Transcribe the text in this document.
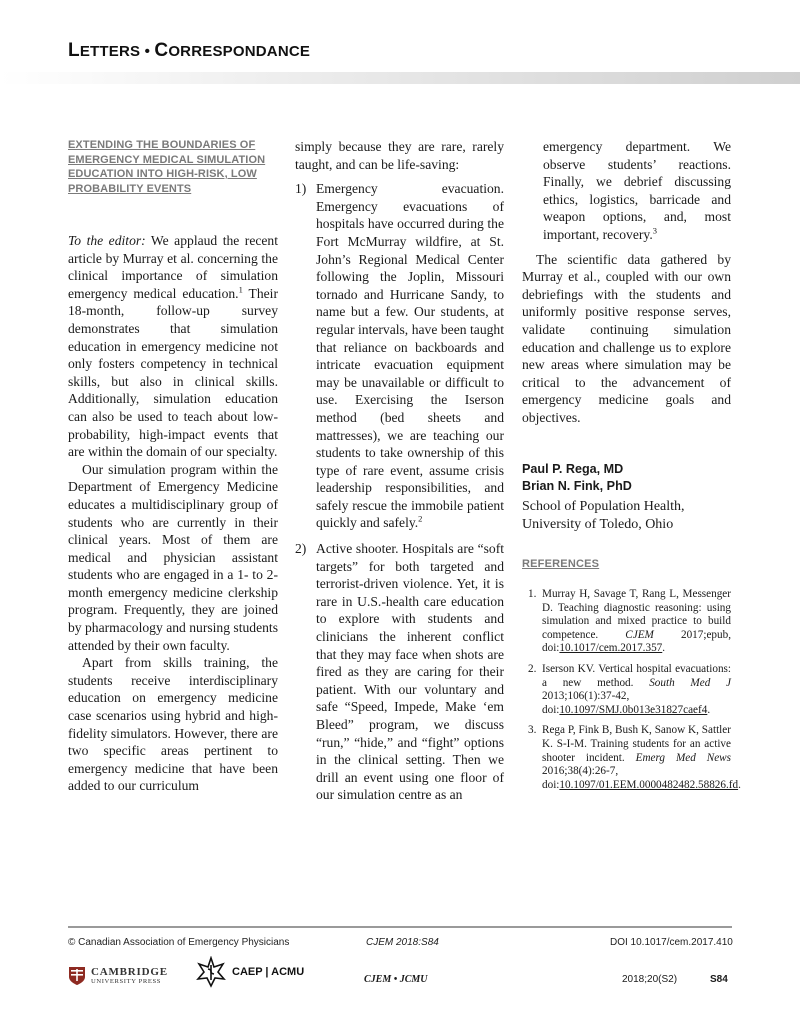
LETTERS • CORRESPONDANCE
EXTENDING THE BOUNDARIES OF EMERGENCY MEDICAL SIMULATION EDUCATION INTO HIGH-RISK, LOW PROBABILITY EVENTS

To the editor: We applaud the recent article by Murray et al. concerning the clinical importance of simulation emergency medical education.$^1$ Their 18-month, follow-up survey demonstrates that simulation education in emergency medicine not only fosters competency in technical skills, but also in clinical skills. Additionally, simulation education can also be used to teach about low-probability, high-impact events that are within the domain of our specialty.

Our simulation program within the Department of Emergency Medicine educates a multidisciplinary group of students who are currently in their clinical years. Most of them are medical and physician assistant students who are engaged in a 1- to 2-month emergency medicine clerkship program. Frequently, they are joined by pharmacology and nursing students attended by their own faculty.

Apart from skills training, the students receive interdisciplinary education on emergency medicine case scenarios using hybrid and high-fidelity simulators. However, there are two specific areas pertinent to emergency medicine that have been added to our curriculum

simply because they are rare, rarely taught, and can be life-saving:

1) Emergency evacuation. Emergency evacuations of hospitals have occurred during the Fort McMurray wildfire, at St. John’s Regional Medical Center following the Joplin, Missouri tornado and Hurricane Sandy, to name but a few. Our students, at regular intervals, have been taught that reliance on backboards and intricate evacuation equipment may be unavailable or difficult to use. Exercising the Iserson method (bed sheets and mattresses), we are teaching our students to take ownership of this type of rare event, assume crisis leadership responsibilities, and safely rescue the immobile patient quickly and safely.$^2$
2) Active shooter. Hospitals are “soft targets” for both targeted and terrorist-driven violence. Yet, it is rare in U.S.-health care education to explore with students and clinicians the inherent conflict that they may face when shots are fired as they are caring for their patient. With our voluntary and safe “Speed, Impede, Make ‘em Bleed” program, we discuss “run,” “hide,” and “fight” options in the clinical setting. Then we drill an event using one floor of our simulation centre as an
emergency department. We observe students’ reactions. Finally, we debrief discussing ethics, logistics, barricade and weapon options, and, most important, recovery.$^3$

The scientific data gathered by Murray et al., coupled with our own debriefings with the students and uniformly positive response serves, validate continuing simulation education and challenge us to explore new areas where simulation may be critical to the advancement of emergency medicine goals and objectives.

Paul P. Rega, MD
Brian N. Fink, PhD
School of Population Health,
University of Toledo, Ohio
REFERENCES
1. Murray H, Savage T, Rang L, Messenger D. Teaching diagnostic reasoning: using simulation and mixed practice to build competence. CJEM 2017;epub, doi:10.1017/cem.2017.357.
2. Iserson KV. Vertical hospital evacuations: a new method. South Med J 2013;106(1):37-42, doi:10.1097/SMJ.0b013e31827caef4.
3. Rega P, Fink B, Bush K, Sanow K, Sattler K. S-I-M. Training students for an active shooter incident. Emerg Med News 2016;38(4):26-7, doi:10.1097/01.EEM.0000482482.58826.fd.
© Canadian Association of Emergency Physicians	CJEM 2018:S84	DOI 10.1017/cem.2017.410
CAMBRIDGE
UNIVERSITY PRESS
CAEP | ACMU
CJEM • JCMU	2018;20(S2)	S84
